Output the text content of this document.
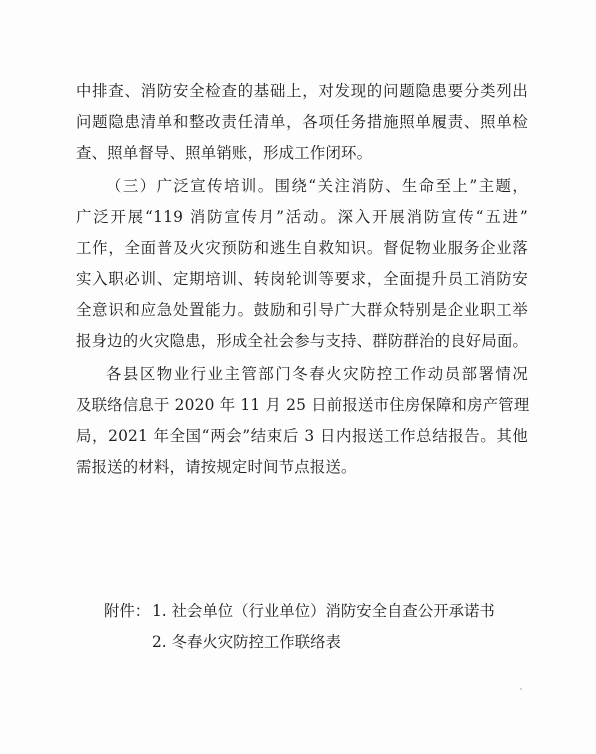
中排查、消防安全检查的基础上，对发现的问题隐患要分类列出
问题隐患清单和整改责任清单，各项任务措施照单履责、照单检
查、照单督导、照单销账，形成工作闭环。
（三）广泛宣传培训。围绕“关注消防、生命至上”主题，
广泛开展“119 消防宣传月”活动。深入开展消防宣传“五进”
工作，全面普及火灾预防和逃生自救知识。督促物业服务企业落
实入职必训、定期培训、转岗轮训等要求，全面提升员工消防安
全意识和应急处置能力。鼓励和引导广大群众特别是企业职工举
报身边的火灾隐患，形成全社会参与支持、群防群治的良好局面。
各县区物业行业主管部门冬春火灾防控工作动员部署情况
及联络信息于 2020 年 11 月 25 日前报送市住房保障和房产管理
局，2021 年全国“两会”结束后 3 日内报送工作总结报告。其他
需报送的材料，请按规定时间节点报送。
附件： 1. 社会单位（行业单位）消防安全自查公开承诺书
2. 冬春火灾防控工作联络表
